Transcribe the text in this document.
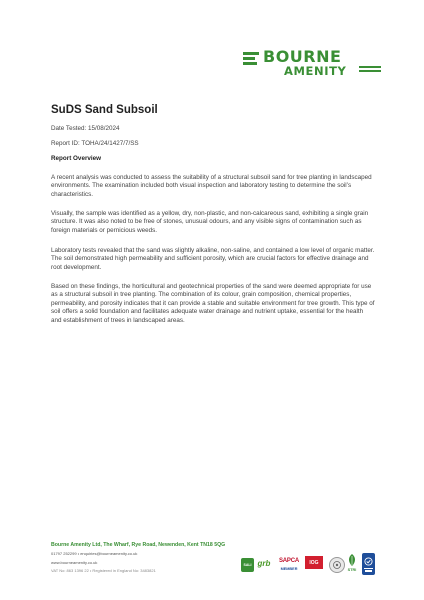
BOURNE
AMENITY
SuDS Sand Subsoil

Date Tested: 15/08/2024

Report ID: TOHA/24/1427/7/SS

Report Overview

A recent analysis was conducted to assess the suitability of a structural subsoil sand for tree planting in landscaped environments. The examination included both visual inspection and laboratory testing to determine the soil’s characteristics.

Visually, the sample was identified as a yellow, dry, non-plastic, and non-calcareous sand, exhibiting a single grain structure. It was also noted to be free of stones, unusual odours, and any visible signs of contamination such as foreign materials or pernicious weeds.

Laboratory tests revealed that the sand was slightly alkaline, non-saline, and contained a low level of organic matter. The soil demonstrated high permeability and sufficient porosity, which are crucial factors for effective drainage and root development.

Based on these findings, the horticultural and geotechnical properties of the sand were deemed appropriate for use as a structural subsoil in tree planting. The combination of its colour, grain composition, chemical properties, permeability, and porosity indicates that it can provide a stable and suitable environment for tree growth. This type of soil offers a solid foundation and facilitates adequate water drainage and nutrient uptake, essential for the health and establishment of trees in landscaped areas.

Bourne Amenity Ltd, The Wharf, Rye Road, Newenden, Kent TN18 5QG

01797 252299 • enquiries@bourneamenity.co.uk

www.bourneamenity.co.uk

VAT No: 863 1396 22 • Registered in England No: 3483821

SALI grb	SAPCA
MEMBER
IOG
STRI
